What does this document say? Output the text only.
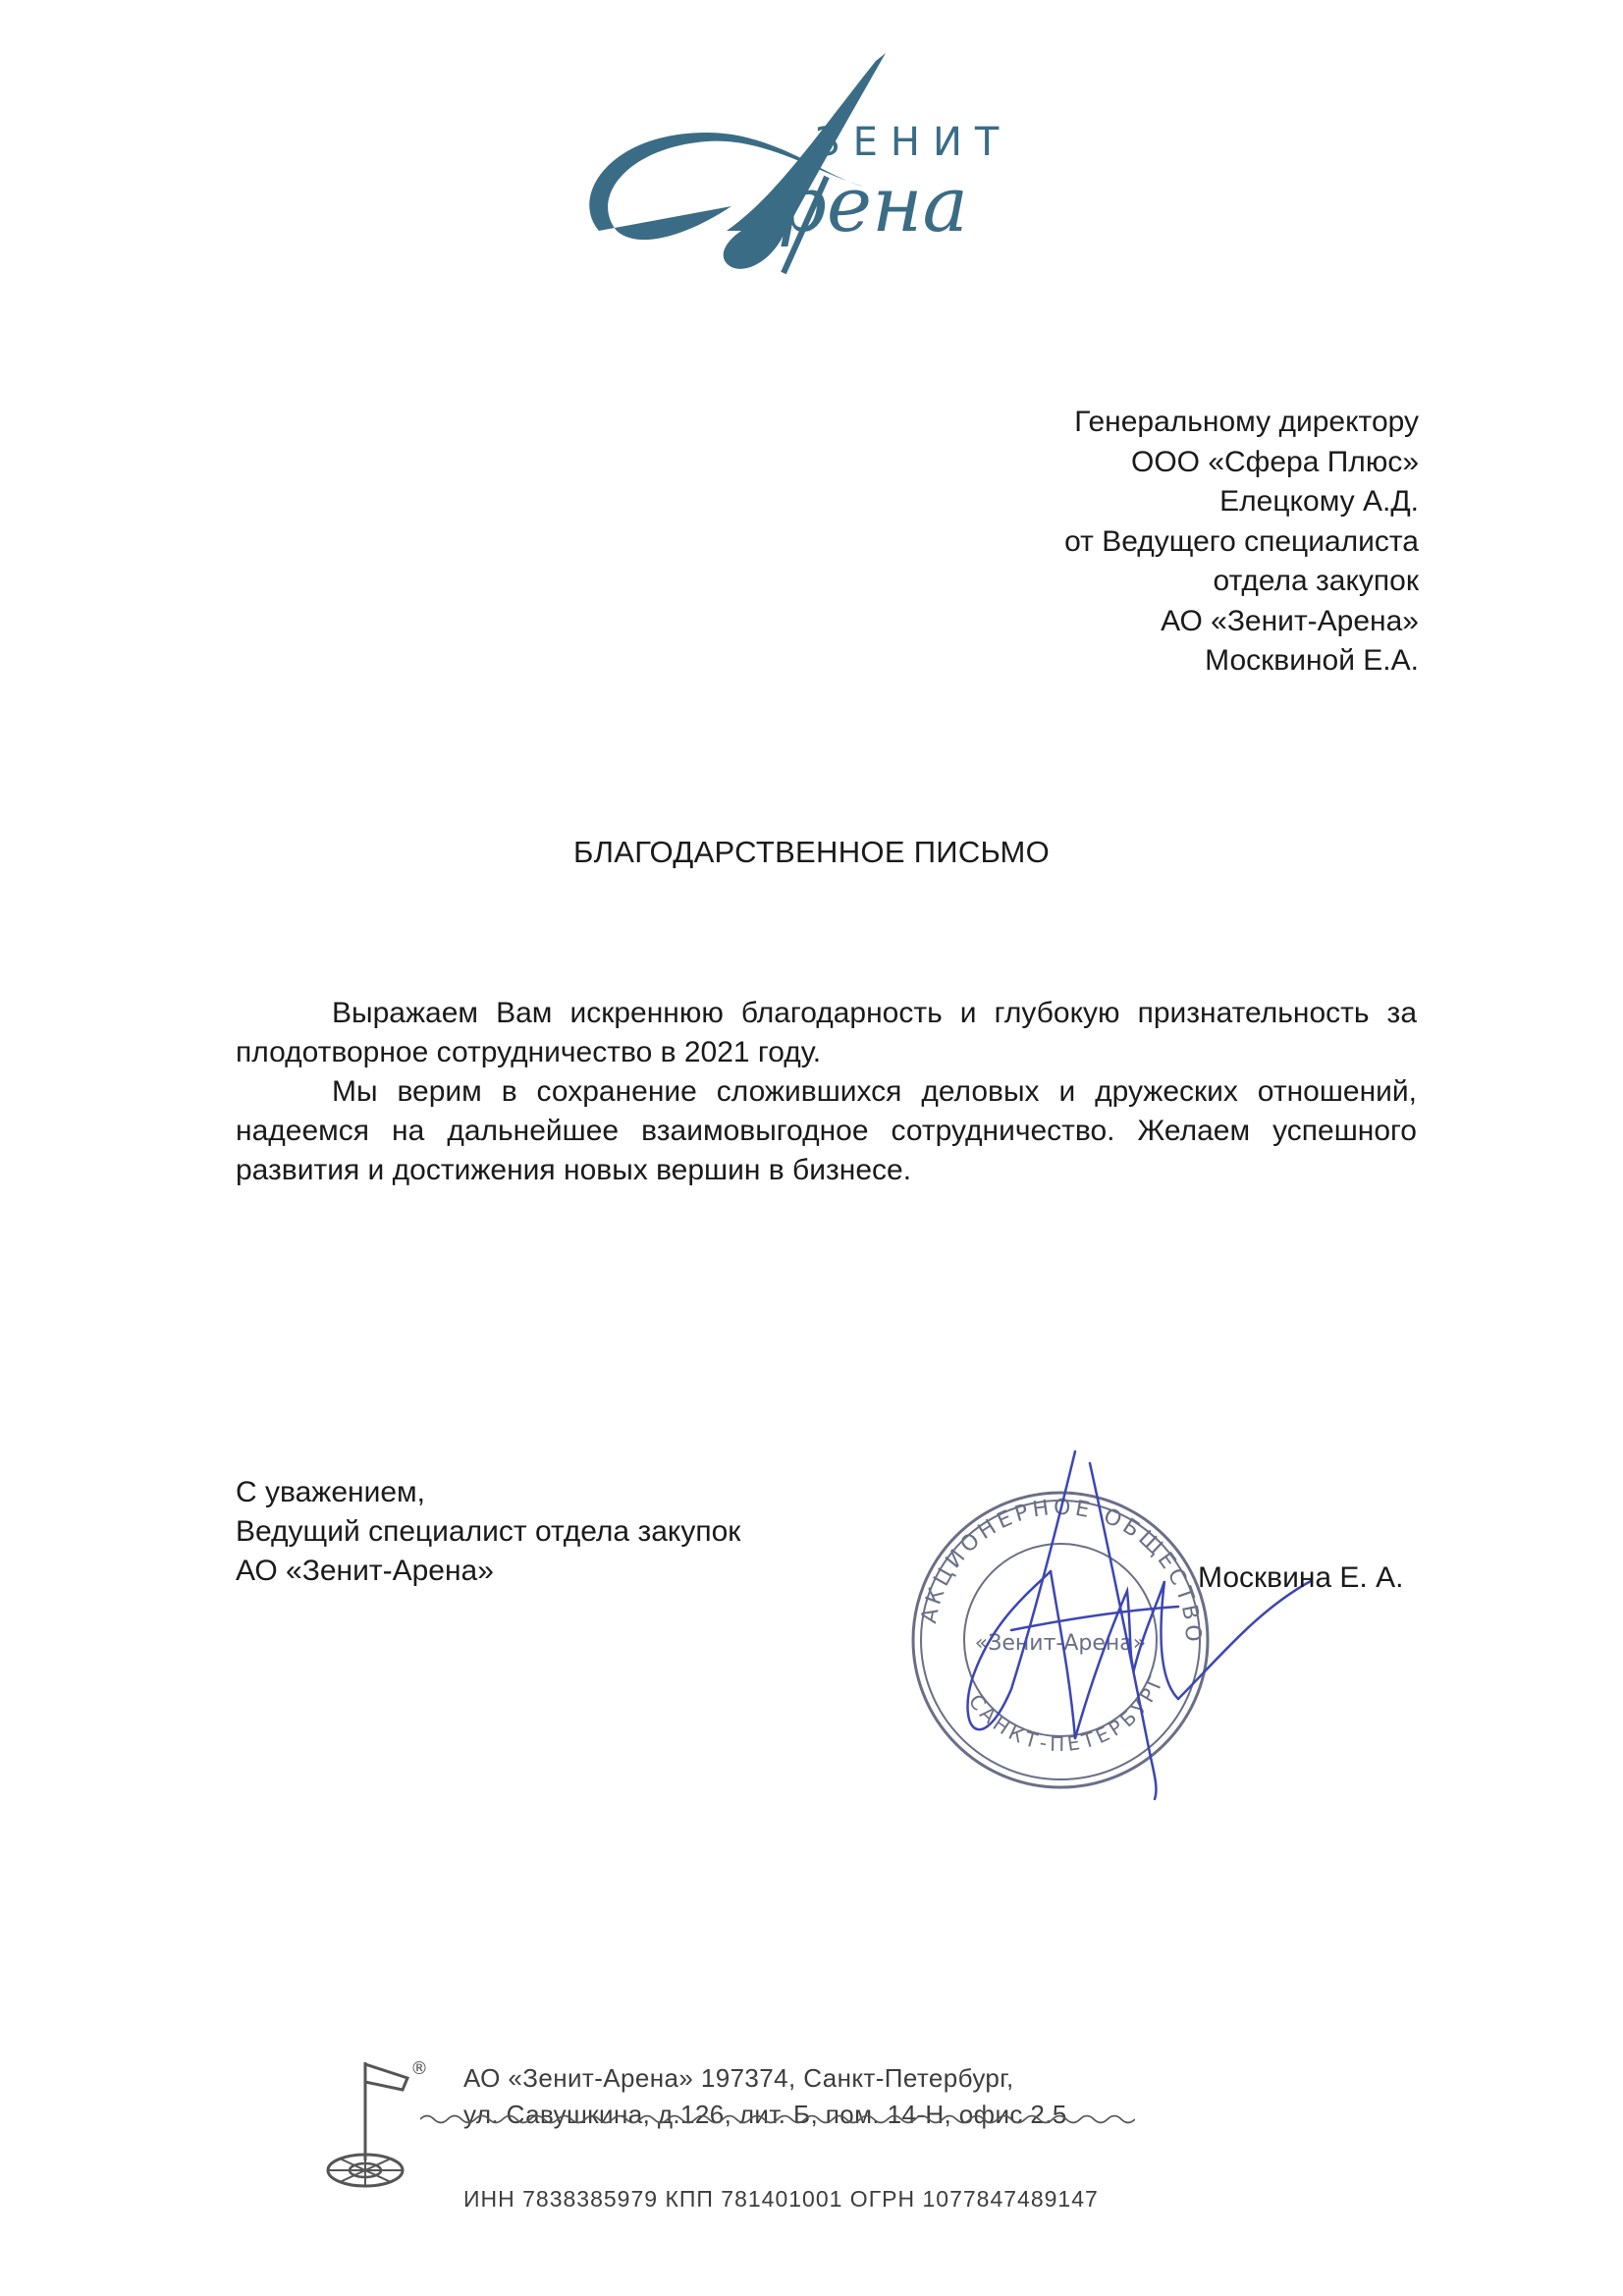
рена
ЗЕНИТ
Генеральному директору
ООО «Сфера Плюс»
Елецкому А.Д.
от Ведущего специалиста
отдела закупок
АО «Зенит-Арена»
Москвиной Е.А.
БЛАГОДАРСТВЕННОЕ ПИСЬМО

Выражаем Вам искреннюю благодарность и глубокую признательность за плодотворное сотрудничество в 2021 году.

Мы верим в сохранение сложившихся деловых и дружеских отношений, надеемся на дальнейшее взаимовыгодное сотрудничество. Желаем успешного развития и достижения новых вершин в бизнесе.

С уважением,
Ведущий специалист отдела закупок
АО «Зенит-Арена»
АКЦИОНЕРНОЕ ОБЩЕСТВО
САНКТ-ПЕТЕРБУРГ
«Зенит-Арена»
Москвина Е. А.
® АО «Зенит-Арена» 197374, Санкт-Петербург,
ул. Савушкина, д.126, лит. Б, пом. 14-Н, офис 2.5
ИНН 7838385979 КПП 781401001 ОГРН 1077847489147
